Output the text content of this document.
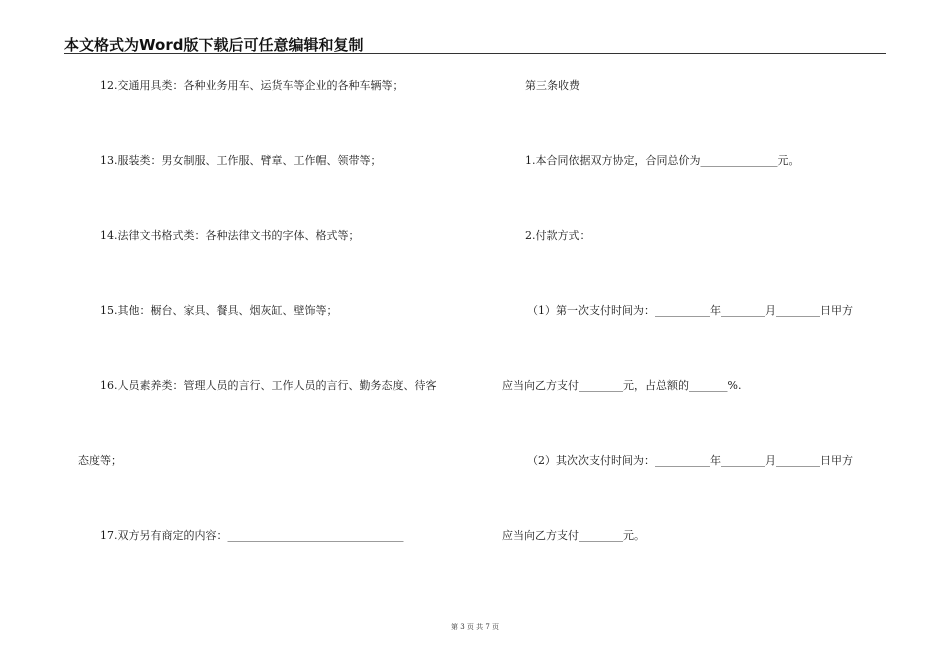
本文格式为Word版下载后可任意编辑和复制
12.交通用具类：各种业务用车、运货车等企业的各种车辆等；
13.服装类：男女制服、工作服、臂章、工作帽、领带等；
14.法律文书格式类：各种法律文书的字体、格式等；
15.其他：橱台、家具、餐具、烟灰缸、壁饰等；
16.人员素养类：管理人员的言行、工作人员的言行、勤务态度、待客
态度等；
17.双方另有商定的内容：________________________________
第三条收费
1.本合同依据双方协定，合同总价为______________元。
2.付款方式：
（1）第一次支付时间为：__________年________月________日甲方
应当向乙方支付________元，占总额的_______%.
（2）其次次支付时间为：__________年________月________日甲方
应当向乙方支付________元。
第 3 页 共 7 页
